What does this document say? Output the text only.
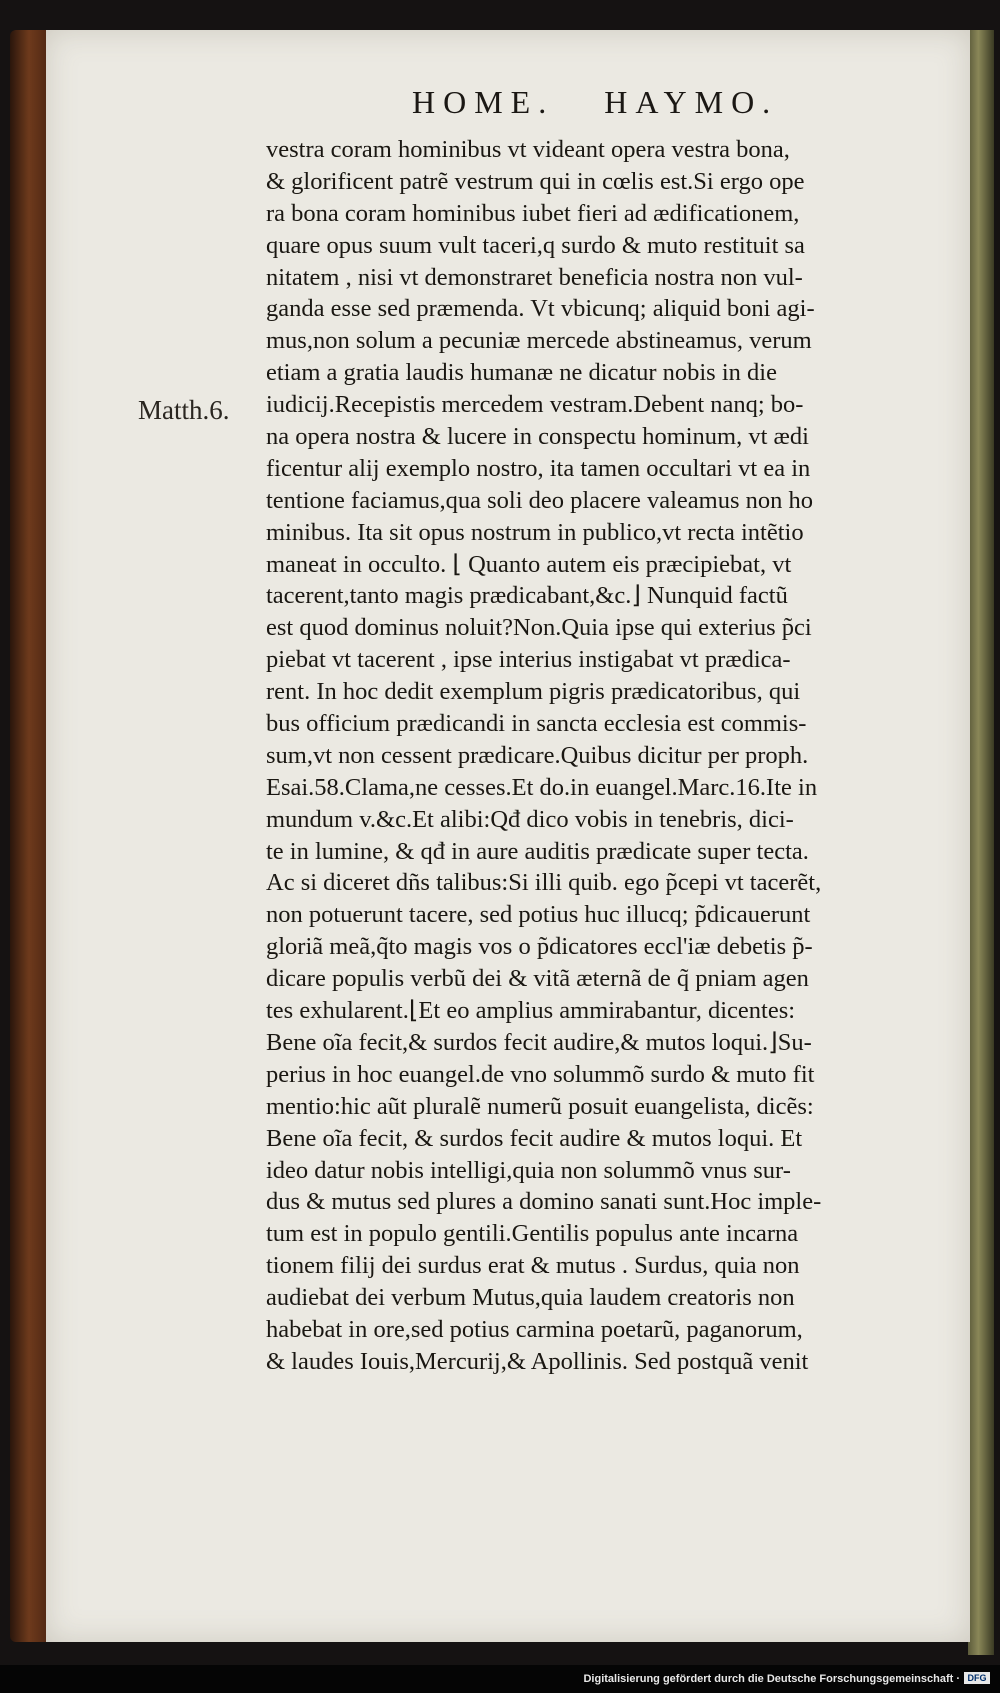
HOME. HAYMO.
Matth.6.
vestra coram hominibus vt videant opera vestra bona,
& glorificent patrẽ vestrum qui in cœlis est.Si ergo ope
ra bona coram hominibus iubet fieri ad ædificationem,
quare opus suum vult taceri,q surdo & muto restituit sa
nitatem , nisi vt demonstraret beneficia nostra non vul-
ganda esse sed præmenda. Vt vbicunq; aliquid boni agi-
mus,non solum a pecuniæ mercede abstineamus, verum
etiam a gratia laudis humanæ ne dicatur nobis in die
iudicij.Recepistis mercedem vestram.Debent nanq; bo-
na opera nostra & lucere in conspectu hominum, vt ædi
ficentur alij exemplo nostro, ita tamen occultari vt ea in
tentione faciamus,qua soli deo placere valeamus non ho
minibus. Ita sit opus nostrum in publico,vt recta intẽtio
maneat in occulto. ⌊ Quanto autem eis præcipiebat, vt
tacerent,tanto magis prædicabant,&c.⌋ Nunquid factũ
est quod dominus noluit?Non.Quia ipse qui exterius p̃ci
piebat vt tacerent , ipse interius instigabat vt prædica-
rent. In hoc dedit exemplum pigris prædicatoribus, qui
bus officium prædicandi in sancta ecclesia est commis-
sum,vt non cessent prædicare.Quibus dicitur per proph.
Esai.58.Clama,ne cesses.Et do.in euangel.Marc.16.Ite in
mundum v.&c.Et alibi:Qđ dico vobis in tenebris, dici-
te in lumine, & qđ in aure auditis prædicate super tecta.
Ac si diceret dñs talibus:Si illi quib. ego p̃cepi vt tacerẽt,
non potuerunt tacere, sed potius huc illucq; p̃dicauerunt
gloriã meã,q̃to magis vos o p̃dicatores eccl'iæ debetis p̃-
dicare populis verbũ dei & vitã æternã de q̃ pniam agen
tes exhularent.⌊Et eo amplius ammirabantur, dicentes:
Bene oĩa fecit,& surdos fecit audire,& mutos loqui.⌋Su-
perius in hoc euangel.de vno solummõ surdo & muto fit
mentio:hic aũt pluralẽ numerũ posuit euangelista, dicẽs:
Bene oĩa fecit, & surdos fecit audire & mutos loqui. Et
ideo datur nobis intelligi,quia non solummõ vnus sur-
dus & mutus sed plures a domino sanati sunt.Hoc imple-
tum est in populo gentili.Gentilis populus ante incarna
tionem filij dei surdus erat & mutus . Surdus, quia non
audiebat dei verbum Mutus,quia laudem creatoris non
habebat in ore,sed potius carmina poetarũ, paganorum,
& laudes Iouis,Mercurij,& Apollinis. Sed postquã venit
Digitalisierung gefördert durch die Deutsche Forschungsgemeinschaft · DFG
